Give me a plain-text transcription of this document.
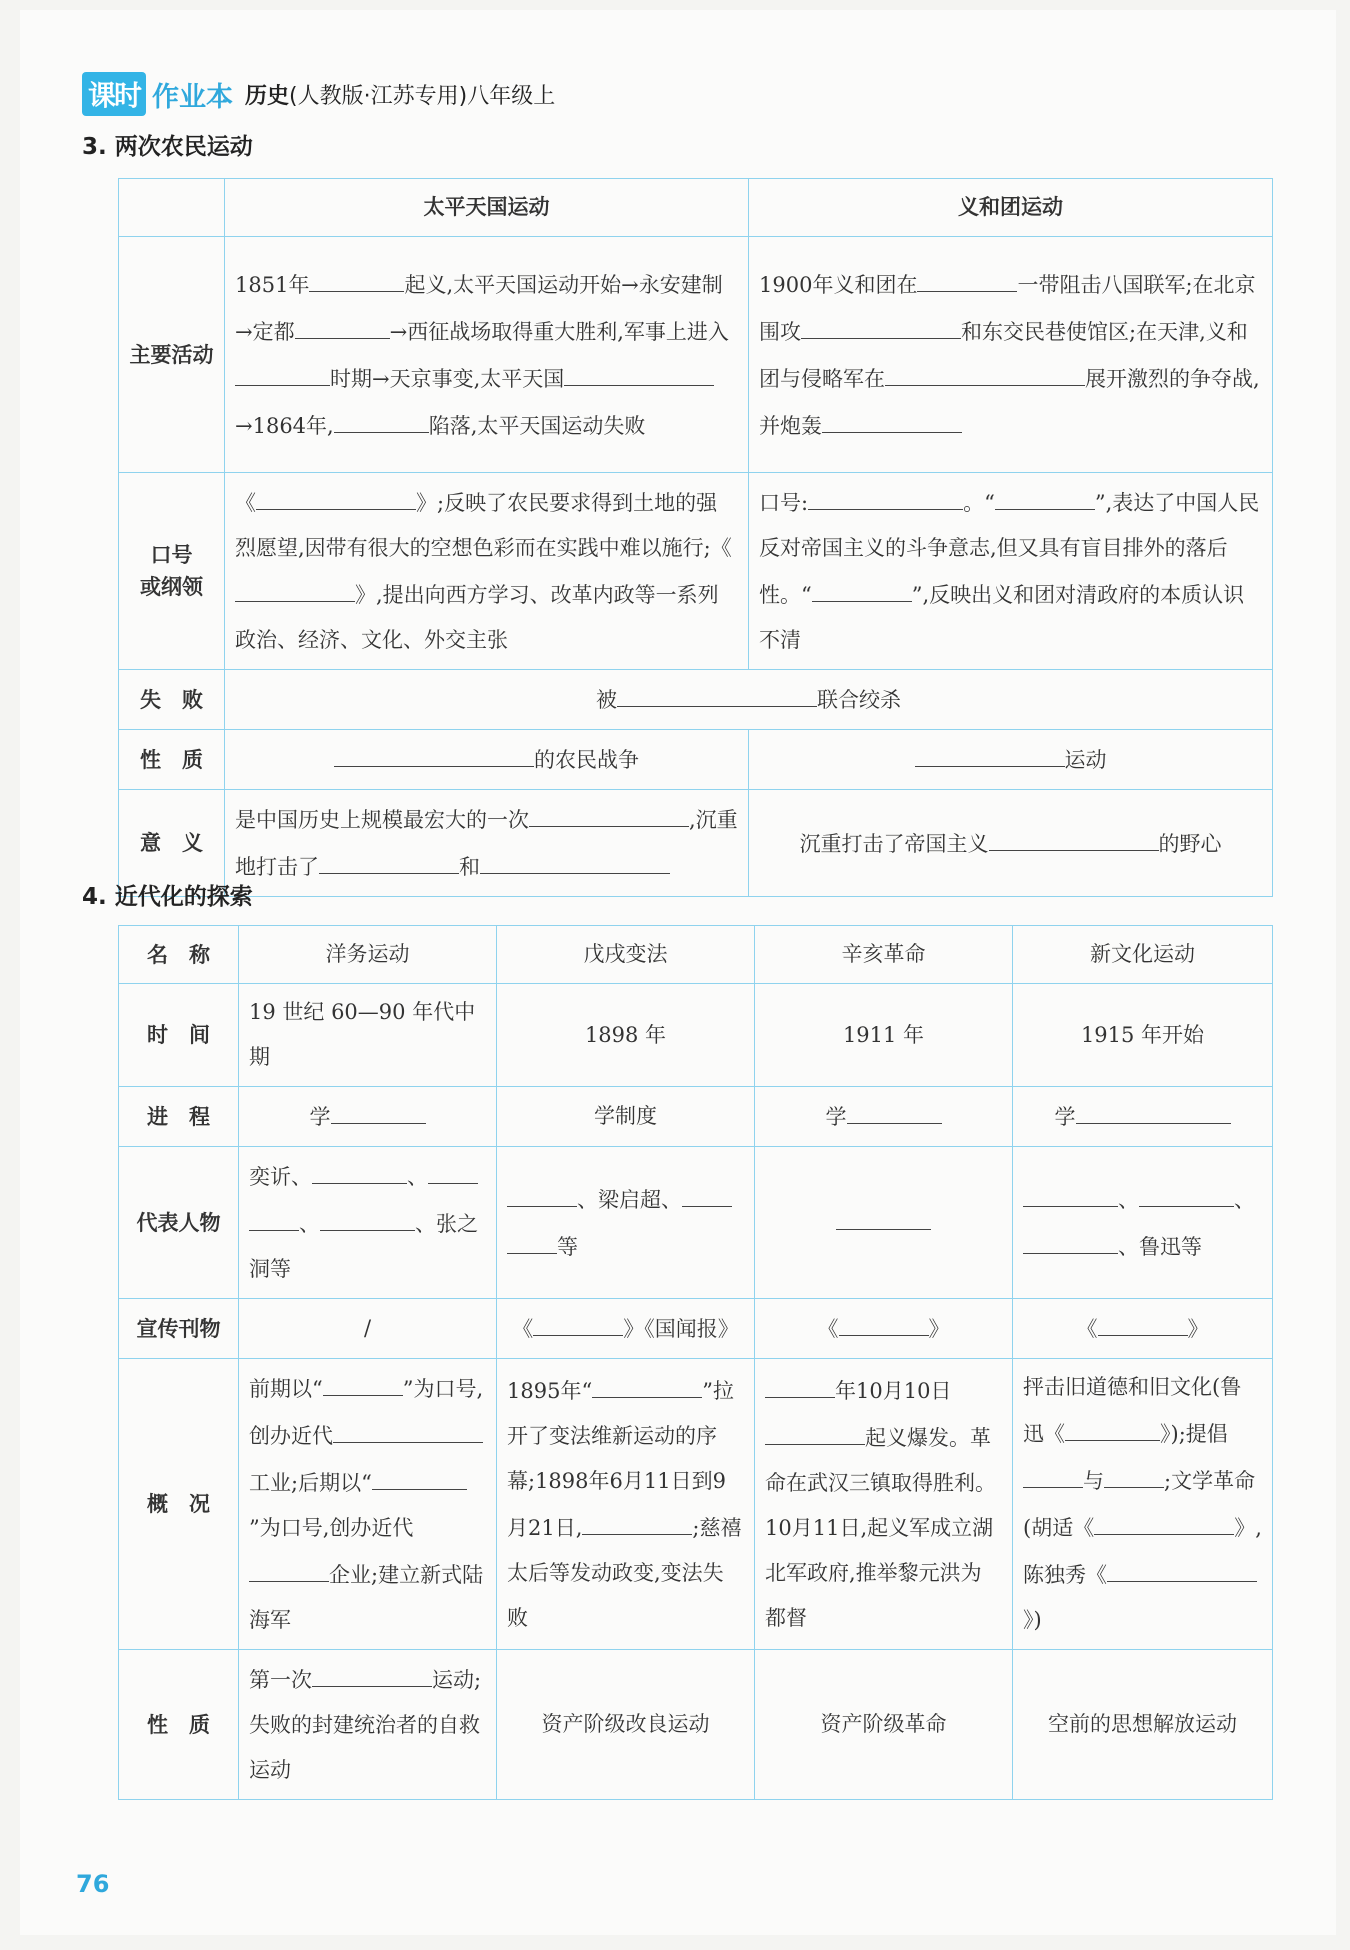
课时 作业本 历史(人教版·江苏专用)八年级上
3. 两次农民运动
	太平天国运动	义和团运动
主要活动	1851年 起义,太平天国运动开始→永安建制→定都 →西征战场取得重大胜利,军事上进入时期→天京事变,太平天国→1864年, 陷落,太平天国运动失败	1900年义和团在 一带阻击八国联军;在北京围攻 和东交民巷使馆区;在天津,义和团与侵略军在 展开激烈的争夺战,并炮轰
口号
或纲领	《 》;反映了农民要求得到土地的强烈愿望,因带有很大的空想色彩而在实践中难以施行;《》,提出向西方学习、改革内政等一系列政治、经济、文化、外交主张	口号: 。“ ”,表达了中国人民反对帝国主义的斗争意志,但又具有盲目排外的落后性。“ ”,反映出义和团对清政府的本质认识不清
失　败	被 联合绞杀	
性　质	的农民战争	运动
意　义	是中国历史上规模最宏大的一次 ,沉重地打击了 和	沉重打击了帝国主义 的野心
4. 近代化的探索
名　称	洋务运动	戊戌变法	辛亥革命	新文化运动
时　间	19 世纪 60—90 年代中期	1898 年	1911 年	1915 年开始
进　程	学	学制度	学	学
代表人物	奕䜣、 、、 、张之洞等	、梁启超、等		、 、、鲁迅等
宣传刊物	/	《 》《国闻报》	《 》	《 》
概　况	前期以“ ”为口号,创办近代工业;后期以“”为口号,创办近代企业;建立新式陆海军	1895年“ ”拉开了变法维新运动的序幕;1898年6月11日到9月21日, ;慈禧太后等发动政变,变法失败	年10月10日起义爆发。革命在武汉三镇取得胜利。10月11日,起义军成立湖北军政府,推举黎元洪为都督	抨击旧道德和旧文化(鲁迅《 》);提倡与 ;文学革命(胡适《 》,陈独秀《》)
性　质	第一次 运动;失败的封建统治者的自救运动	资产阶级改良运动	资产阶级革命	空前的思想解放运动
76
